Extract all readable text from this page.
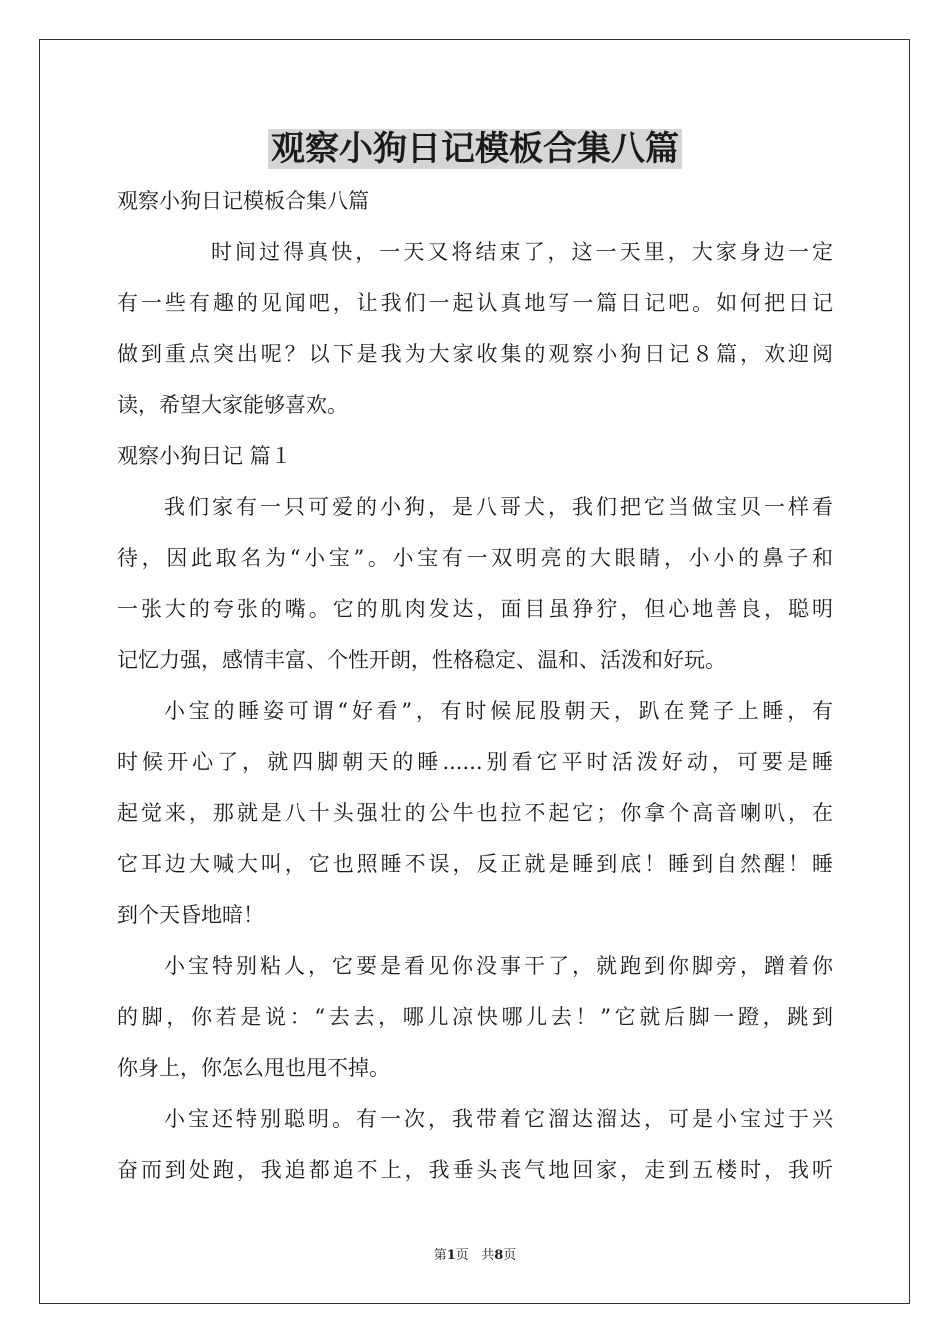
观察小狗日记模板合集八篇
观察小狗日记模板合集八篇
时间过得真快，一天又将结束了，这一天里，大家身边一定
有一些有趣的见闻吧，让我们一起认真地写一篇日记吧。如何把日记
做到重点突出呢？以下是我为大家收集的观察小狗日记８篇，欢迎阅
读，希望大家能够喜欢。
观察小狗日记 篇１
我们家有一只可爱的小狗，是八哥犬，我们把它当做宝贝一样看
待，因此取名为“小宝”。小宝有一双明亮的大眼睛，小小的鼻子和
一张大的夸张的嘴。它的肌肉发达，面目虽狰狞，但心地善良，聪明
记忆力强，感情丰富、个性开朗，性格稳定、温和、活泼和好玩。
小宝的睡姿可谓“好看”，有时候屁股朝天，趴在凳子上睡，有
时候开心了，就四脚朝天的睡......别看它平时活泼好动，可要是睡
起觉来，那就是八十头强壮的公牛也拉不起它；你拿个高音喇叭，在
它耳边大喊大叫，它也照睡不误，反正就是睡到底！睡到自然醒！睡
到个天昏地暗！
小宝特别粘人，它要是看见你没事干了，就跑到你脚旁，蹭着你
的脚，你若是说：“去去，哪儿凉快哪儿去！”它就后脚一蹬，跳到
你身上，你怎么甩也甩不掉。
小宝还特别聪明。有一次，我带着它溜达溜达，可是小宝过于兴
奋而到处跑，我追都追不上，我垂头丧气地回家，走到五楼时，我听
第1页   共8页
